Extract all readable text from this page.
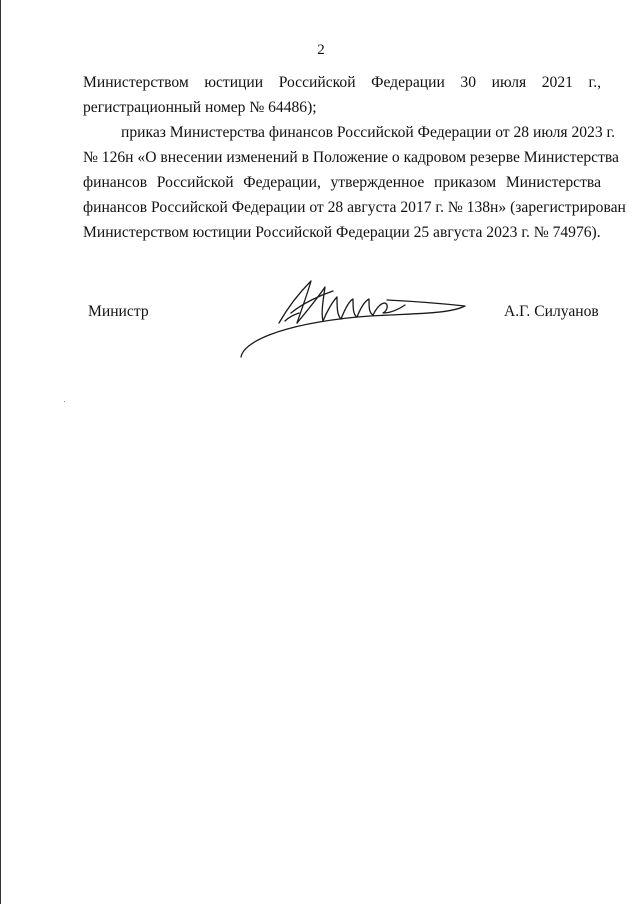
2

Министерством юстиции Российской Федерации 30 июля 2021 г.,
регистрационный номер № 64486);

приказ Министерства финансов Российской Федерации от 28 июля 2023 г.
№ 126н «О внесении изменений в Положение о кадровом резерве Министерства
финансов Российской Федерации, утвержденное приказом Министерства
финансов Российской Федерации от 28 августа 2017 г. № 138н» (зарегистрирован
Министерством юстиции Российской Федерации 25 августа 2023 г. № 74976).

Министр	А.Г. Силуанов
